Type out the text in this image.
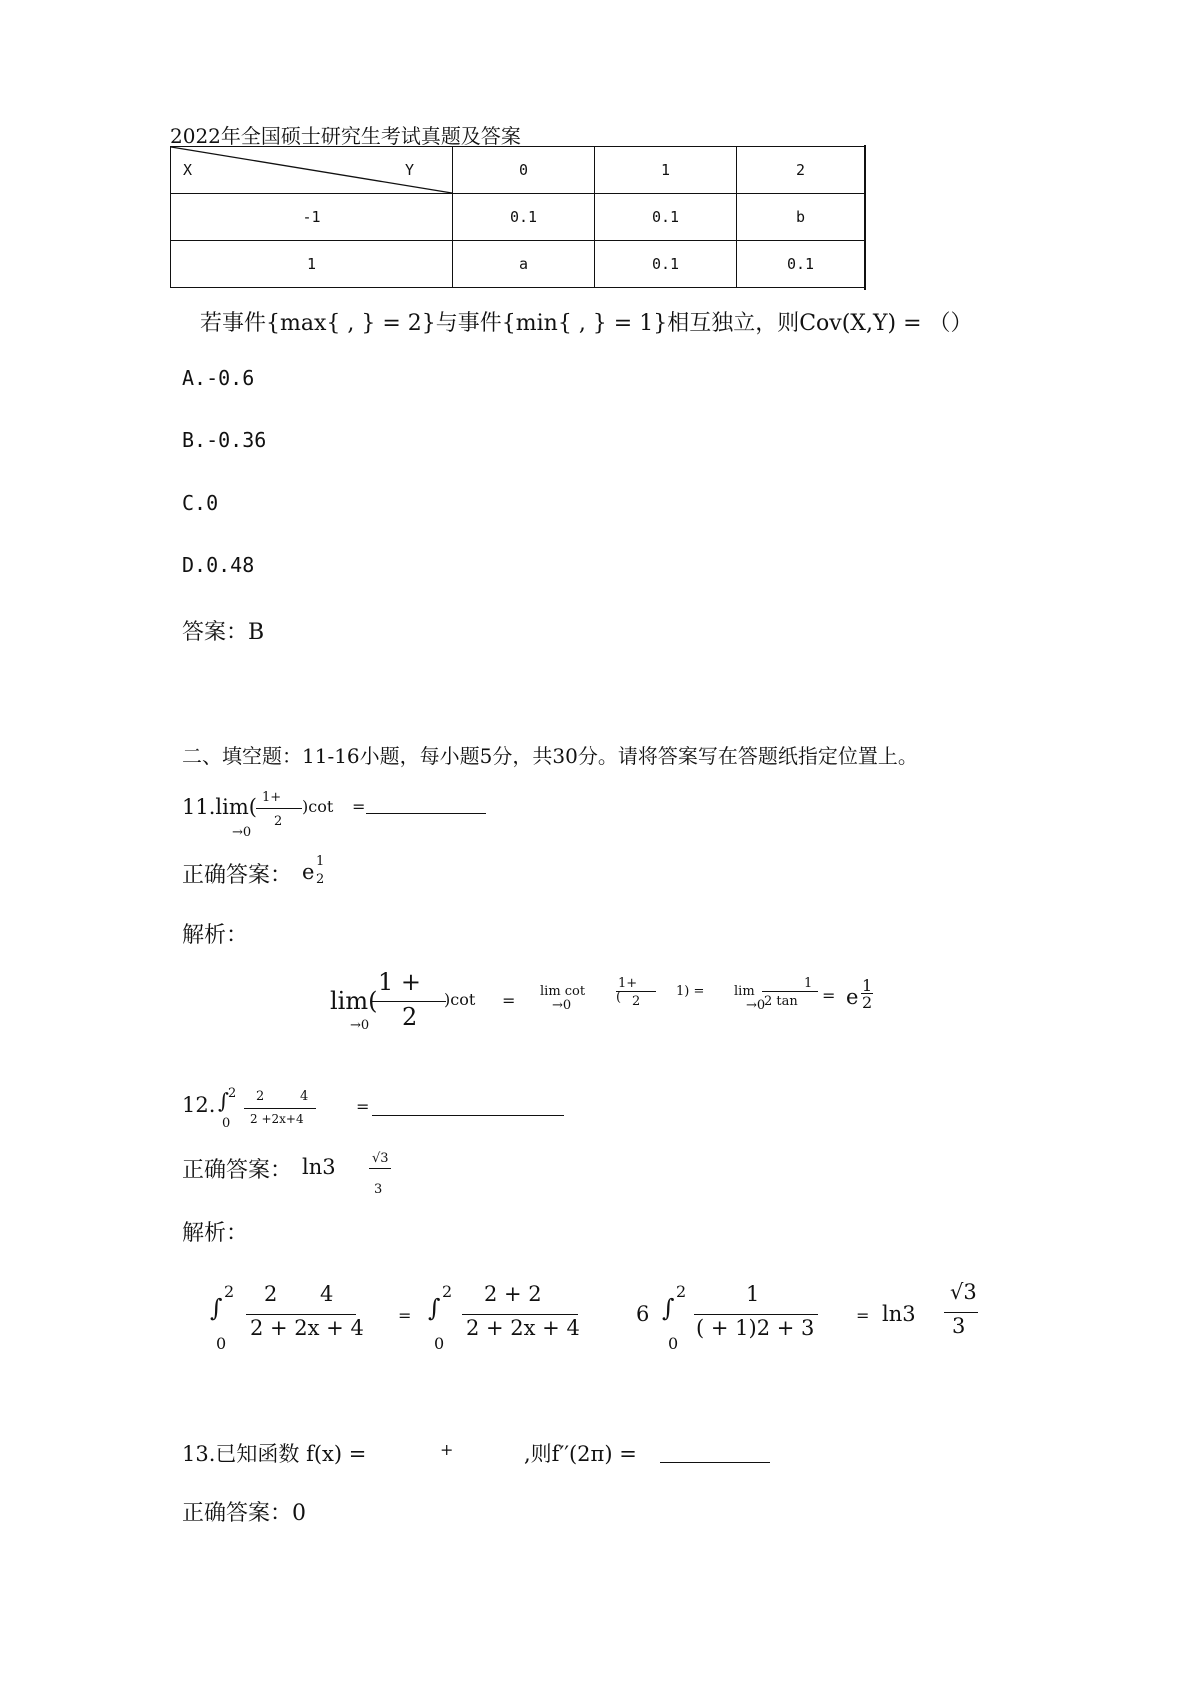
2022年全国硕士研究生考试真题及答案
X Y	0	1	2
-1	0.1	0.1	b
1	a	0.1	0.1
若事件{max{ , } = 2}与事件{min{ , } = 1}相互独立，则Cov(X,Y) = （）
A.-0.6
B.-0.36
C.0
D.0.48
答案：B
二、填空题：11-16小题，每小题5分，共30分。请将答案写在答题纸指定位置上。
11.lim( 1+
2
)cot =
→0
正确答案： e 1
2
解析：
lim(
1 +
2
)cot =
→0
lim cot
→0
1+
( 2
1) = lim
→0
1
2 tan = e 1
2
12. ∫ 2
0
2	4
2 +2x+4
=
正确答案： ln3	√3
3
解析：
∫
2
0
2 4
2 + 2x + 4
= ∫
2
0
2 + 2
2 + 2x + 4
6 ∫
2
0
1
( + 1)2 + 3
= ln3
√3
3
13.已知函数 f(x) =	+	,则f′′(2π) =
正确答案：0
